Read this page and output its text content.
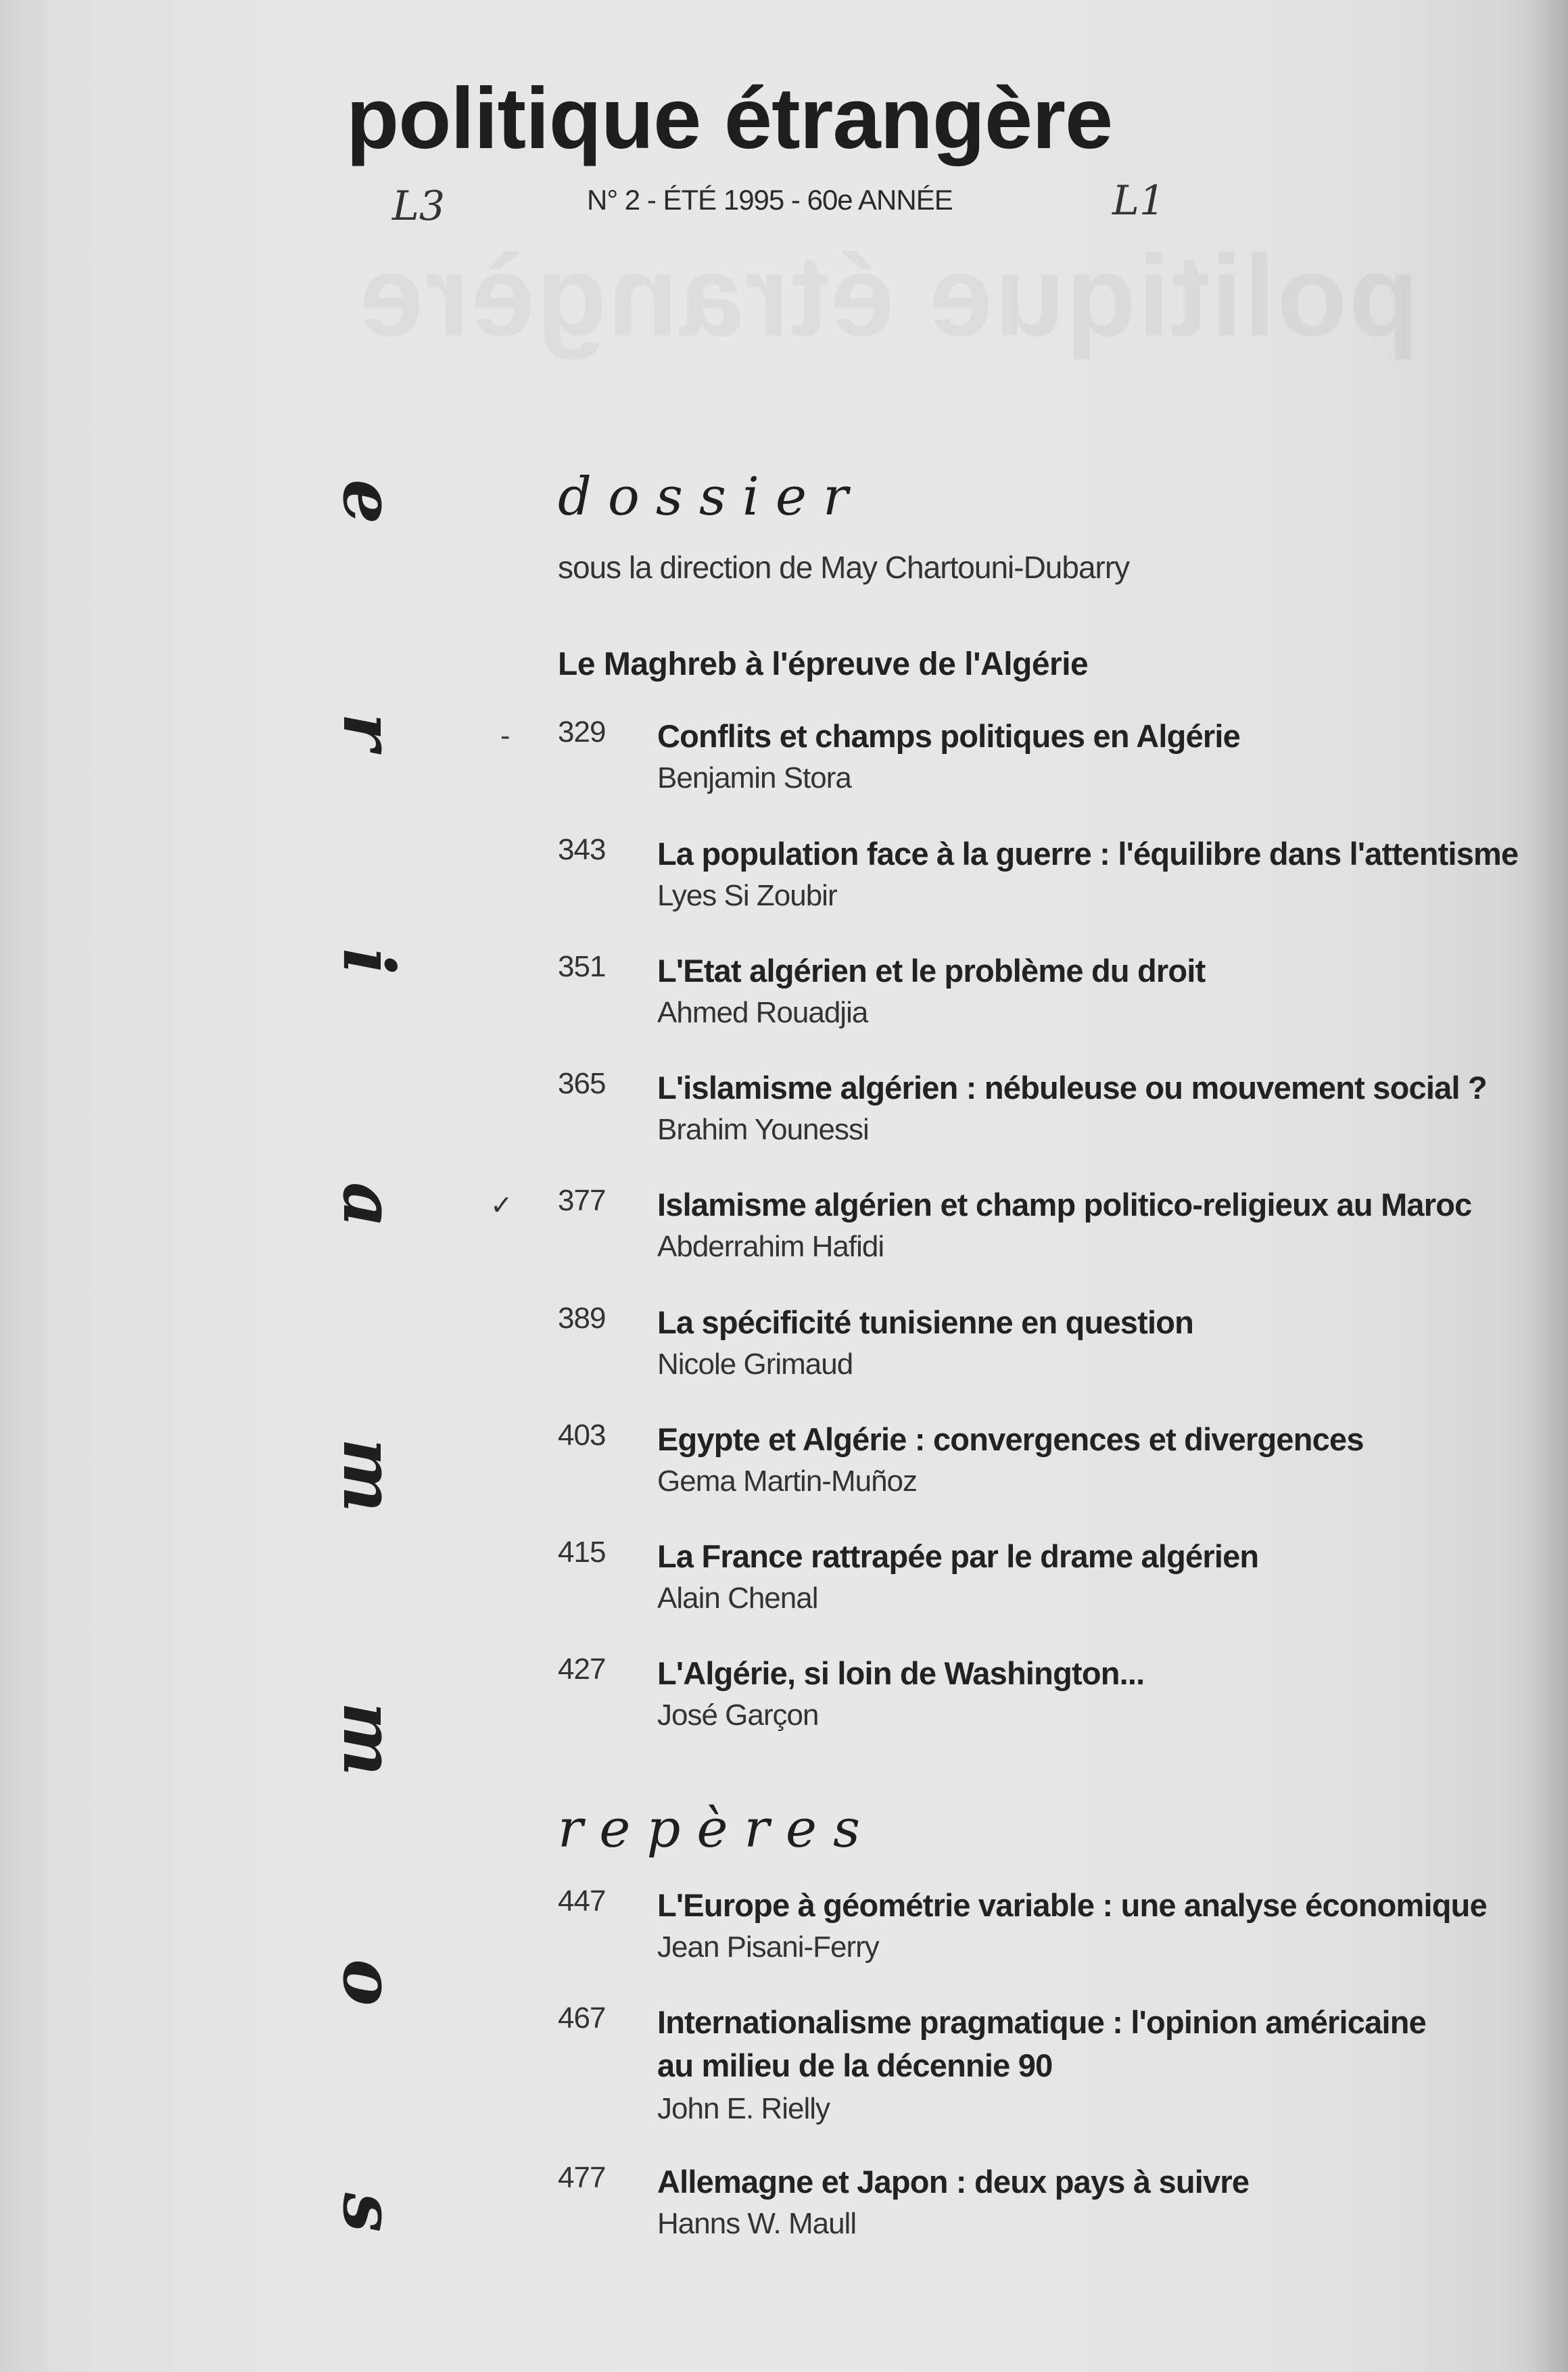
politique étrangère
N° 2 - ÉTÉ 1995 - 60e ANNÉE
L3	L1
e
r
i
a
m
m
o
s
dossier
sous la direction de May Chartouni-Dubarry
Le Maghreb à l'épreuve de l'Algérie
-
✓
329 Conflits et champs politiques en Algérie
Benjamin Stora
343 La population face à la guerre : l'équilibre dans l'attentisme
Lyes Si Zoubir
351 L'Etat algérien et le problème du droit
Ahmed Rouadjia
365 L'islamisme algérien : nébuleuse ou mouvement social ?
Brahim Younessi
377 Islamisme algérien et champ politico-religieux au Maroc
Abderrahim Hafidi
389 La spécificité tunisienne en question
Nicole Grimaud
403 Egypte et Algérie : convergences et divergences
Gema Martin-Muñoz
415 La France rattrapée par le drame algérien
Alain Chenal
427 L'Algérie, si loin de Washington...
José Garçon
repères
447 L'Europe à géométrie variable : une analyse économique
Jean Pisani-Ferry
467 Internationalisme pragmatique : l'opinion américaine
au milieu de la décennie 90
John E. Rielly
477 Allemagne et Japon : deux pays à suivre
Hanns W. Maull
